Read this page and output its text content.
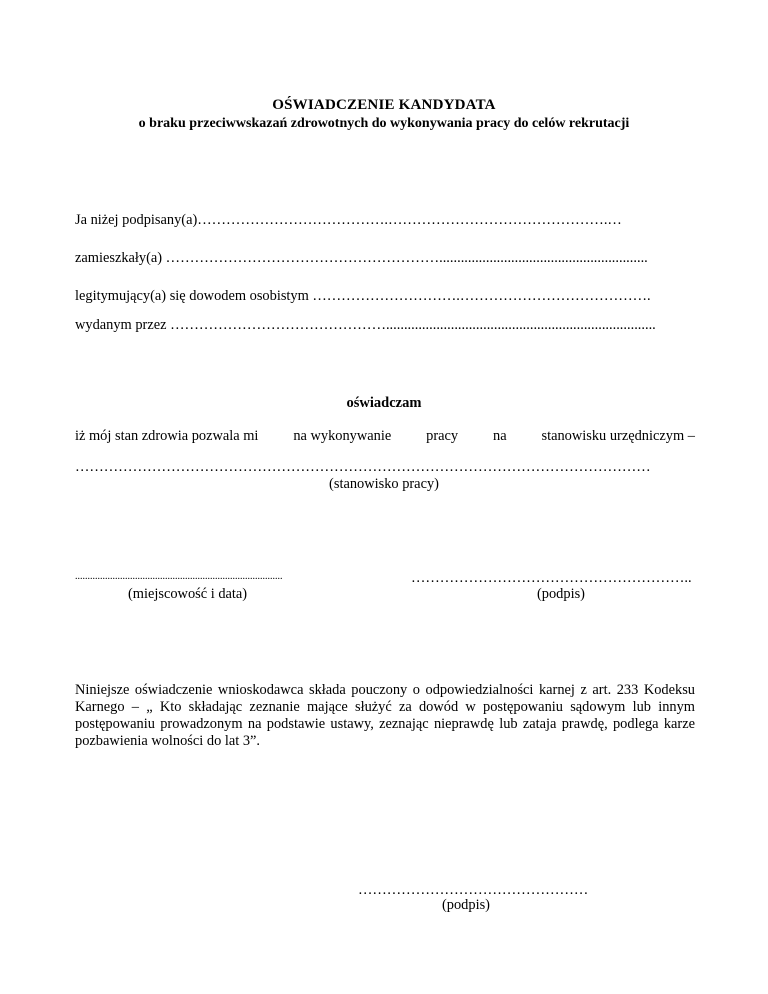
OŚWIADCZENIE KANDYDATA
o braku przeciwwskazań zdrowotnych do wykonywania pracy do celów rekrutacji
Ja niżej podpisany(a)………………………………….……………………………………….…
zamieszkały(a) …………………………………………………..........................................................
legitymujący(a) się dowodem osobistym ………………………….………………………………….
wydanym przez ………………………………………...........................................................................
oświadczam
iż mój stan zdrowia pozwala mi na wykonywanie pracy na stanowisku urzędniczym –
…………………………………………………………………………………………………………
(stanowisko pracy)
...................................................................................	…………………………………………………..
(miejscowość i data)	(podpis)
Niniejsze oświadczenie wnioskodawca składa pouczony o odpowiedzialności karnej z art. 233 Kodeksu Karnego – „ Kto składając zeznanie mające służyć za dowód w postępowaniu sądowym lub innym postępowaniu prowadzonym na podstawie ustawy, zeznając nieprawdę lub zataja prawdę, podlega karze pozbawienia wolności do lat 3”.
…………………………………………
(podpis)
